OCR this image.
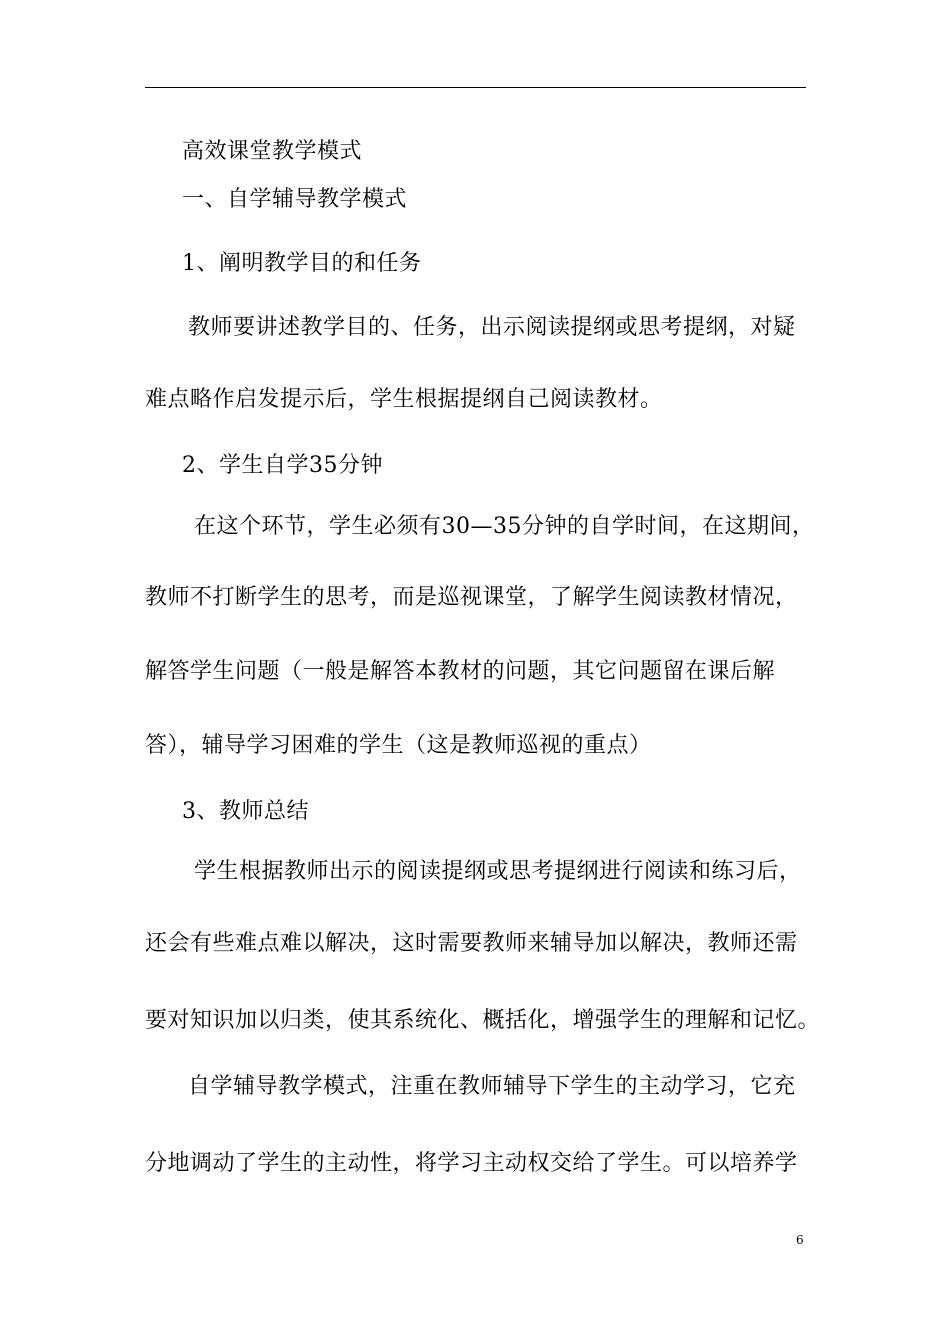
高效课堂教学模式
一、自学辅导教学模式
1、阐明教学目的和任务
教师要讲述教学目的、任务，出示阅读提纲或思考提纲，对疑
难点略作启发提示后，学生根据提纲自己阅读教材。
2、学生自学35分钟
在这个环节，学生必须有30—35分钟的自学时间，在这期间，
教师不打断学生的思考，而是巡视课堂，了解学生阅读教材情况，
解答学生问题（一般是解答本教材的问题，其它问题留在课后解
答），辅导学习困难的学生（这是教师巡视的重点）
3、教师总结
学生根据教师出示的阅读提纲或思考提纲进行阅读和练习后，
还会有些难点难以解决，这时需要教师来辅导加以解决，教师还需
要对知识加以归类，使其系统化、概括化，增强学生的理解和记忆。
自学辅导教学模式，注重在教师辅导下学生的主动学习，它充
分地调动了学生的主动性，将学习主动权交给了学生。可以培养学
6
